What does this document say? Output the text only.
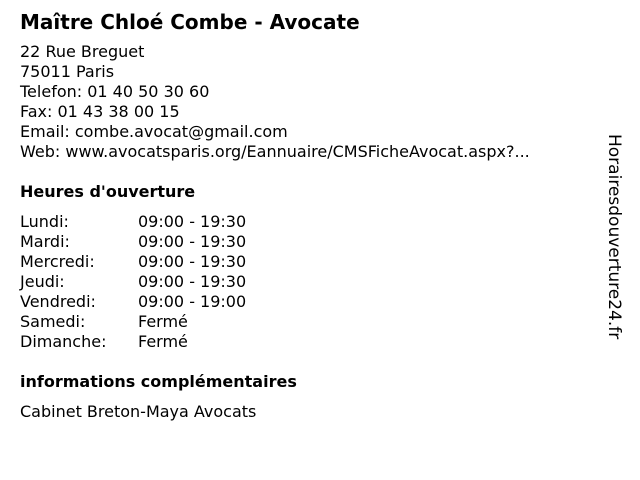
Maître Chloé Combe - Avocate
22 Rue Breguet
75011 Paris
Telefon: 01 40 50 30 60
Fax: 01 43 38 00 15
Email: combe.avocat@gmail.com
Web: www.avocatsparis.org/Eannuaire/CMSFicheAvocat.aspx?...
Heures d'ouverture
Lundi:	09:00 - 19:30
Mardi:	09:00 - 19:30
Mercredi:	09:00 - 19:30
Jeudi:	09:00 - 19:30
Vendredi:	09:00 - 19:00
Samedi:	Fermé
Dimanche:	Fermé
informations complémentaires
Cabinet Breton-Maya Avocats
Horairesdouverture24.fr
